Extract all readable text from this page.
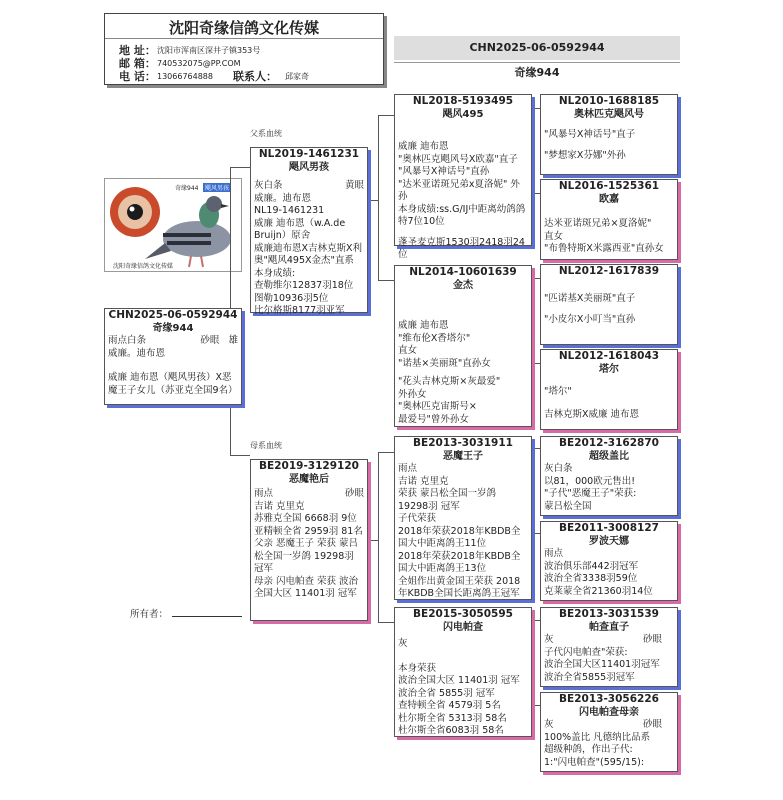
沈阳奇缘信鸽文化传媒
地 址： 沈阳市浑南区深井子镇353号
邮 箱： 740532075@PP.COM
电 话： 13066764888	联系人：	邱家奇
CHN2025-06-0592944
奇缘944
父系血统
母系血统
所有者：
奇缘944	飓风男孩
沈阳奇缘信鸽文化传媒
CHN2025-06-0592944
奇缘944
雨点白条	砂眼 雄
威廉。迪布恩
威廉 迪布恩（飓风男孩）X恶魔王子女儿（苏亚克全国9名）
NL2019-1461231
飓风男孩
灰白条	黄眼
威廉。迪布恩
NL19-1461231
威廉 迪布恩（w.A.de Bruijn）原舍
威廉迪布恩X吉林克斯X利奥"飓风495X金杰"直系
本身成绩:
查勒维尔12837羽18位
图勒10936羽5位
比尔格斯8177羽亚军
BE2019-3129120
恶魔艳后
雨点	砂眼
吉诺 克里克
苏雅克全国 6668羽 9位
亚精顿全省 2959羽 81名
父亲 恶魔王子 荣获 蒙吕松全国一岁鸽 19298羽 冠军
母亲 闪电帕查 荣获 波治全国大区 11401羽 冠军
NL2018-5193495
飓风495
威廉 迪布恩
"奥林匹克飓风号X欧嘉"直子
"风暴号X神话号"直孙
"达米亚诺斑兄弟x夏洛妮" 外孙
本身成绩:ss.G/IJ中距离幼鸽鸽特7位10位
蓬圣麦克斯1530羽2418羽24位
NL2014-10601639
金杰
威廉 迪布恩
"维布伦X香塔尔"
直女
"诺基×美丽斑"直孙女
"花头吉林克斯×灰最爱"
外孙女
"奥林匹克宙斯号×
最爱号"曾外孙女
BE2013-3031911
恶魔王子
雨点
吉诺 克里克
荣获 蒙吕松全国一岁鸽 19298羽 冠军
子代荣获
2018年荣获2018年KBDB全国大中距离鸽王11位
2018年荣获2018年KBDB全国大中距离鸽王13位
全姐作出黄金国王荣获 2018年KBDB全国长距离鸽王冠军
BE2015-3050595
闪电帕查
灰
本身荣获
波治全国大区 11401羽 冠军
波治全省 5855羽 冠军
查特顿全省 4579羽 5名
杜尔斯全省 5313羽 58名
杜尔斯全省6083羽 58名
NL2010-1688185
奥林匹克飓风号
"风暴号X神话号"直子
"梦想家X芬娜"外孙
NL2016-1525361
欧嘉
达米亚诺斑兄弟×夏洛妮"
直女
"布鲁特斯X米露西亚"直孙女
NL2012-1617839
"匹诺基X美丽斑"直子
"小皮尔X小叮当"直孙
NL2012-1618043
塔尔
"塔尔"
吉林克斯X威廉 迪布恩
BE2012-3162870
超级盖比
灰白条
以81，000欧元售出!
"子代"恶魔王子"荣获:
蒙吕松全国
BE2011-3008127
罗波天娜
雨点
波治俱乐部442羽冠军
波治全省3338羽59位
克莱蒙全省21360羽14位
BE2013-3031539
帕查直子
灰	砂眼
子代闪电帕查"荣获:
波治全国大区11401羽冠军
波治全省5855羽冠军
BE2013-3056226
闪电帕查母亲
灰	砂眼
100%盖比 凡德纳比品系
超级种鸽，作出子代:
1:"闪电帕查"(595/15):
